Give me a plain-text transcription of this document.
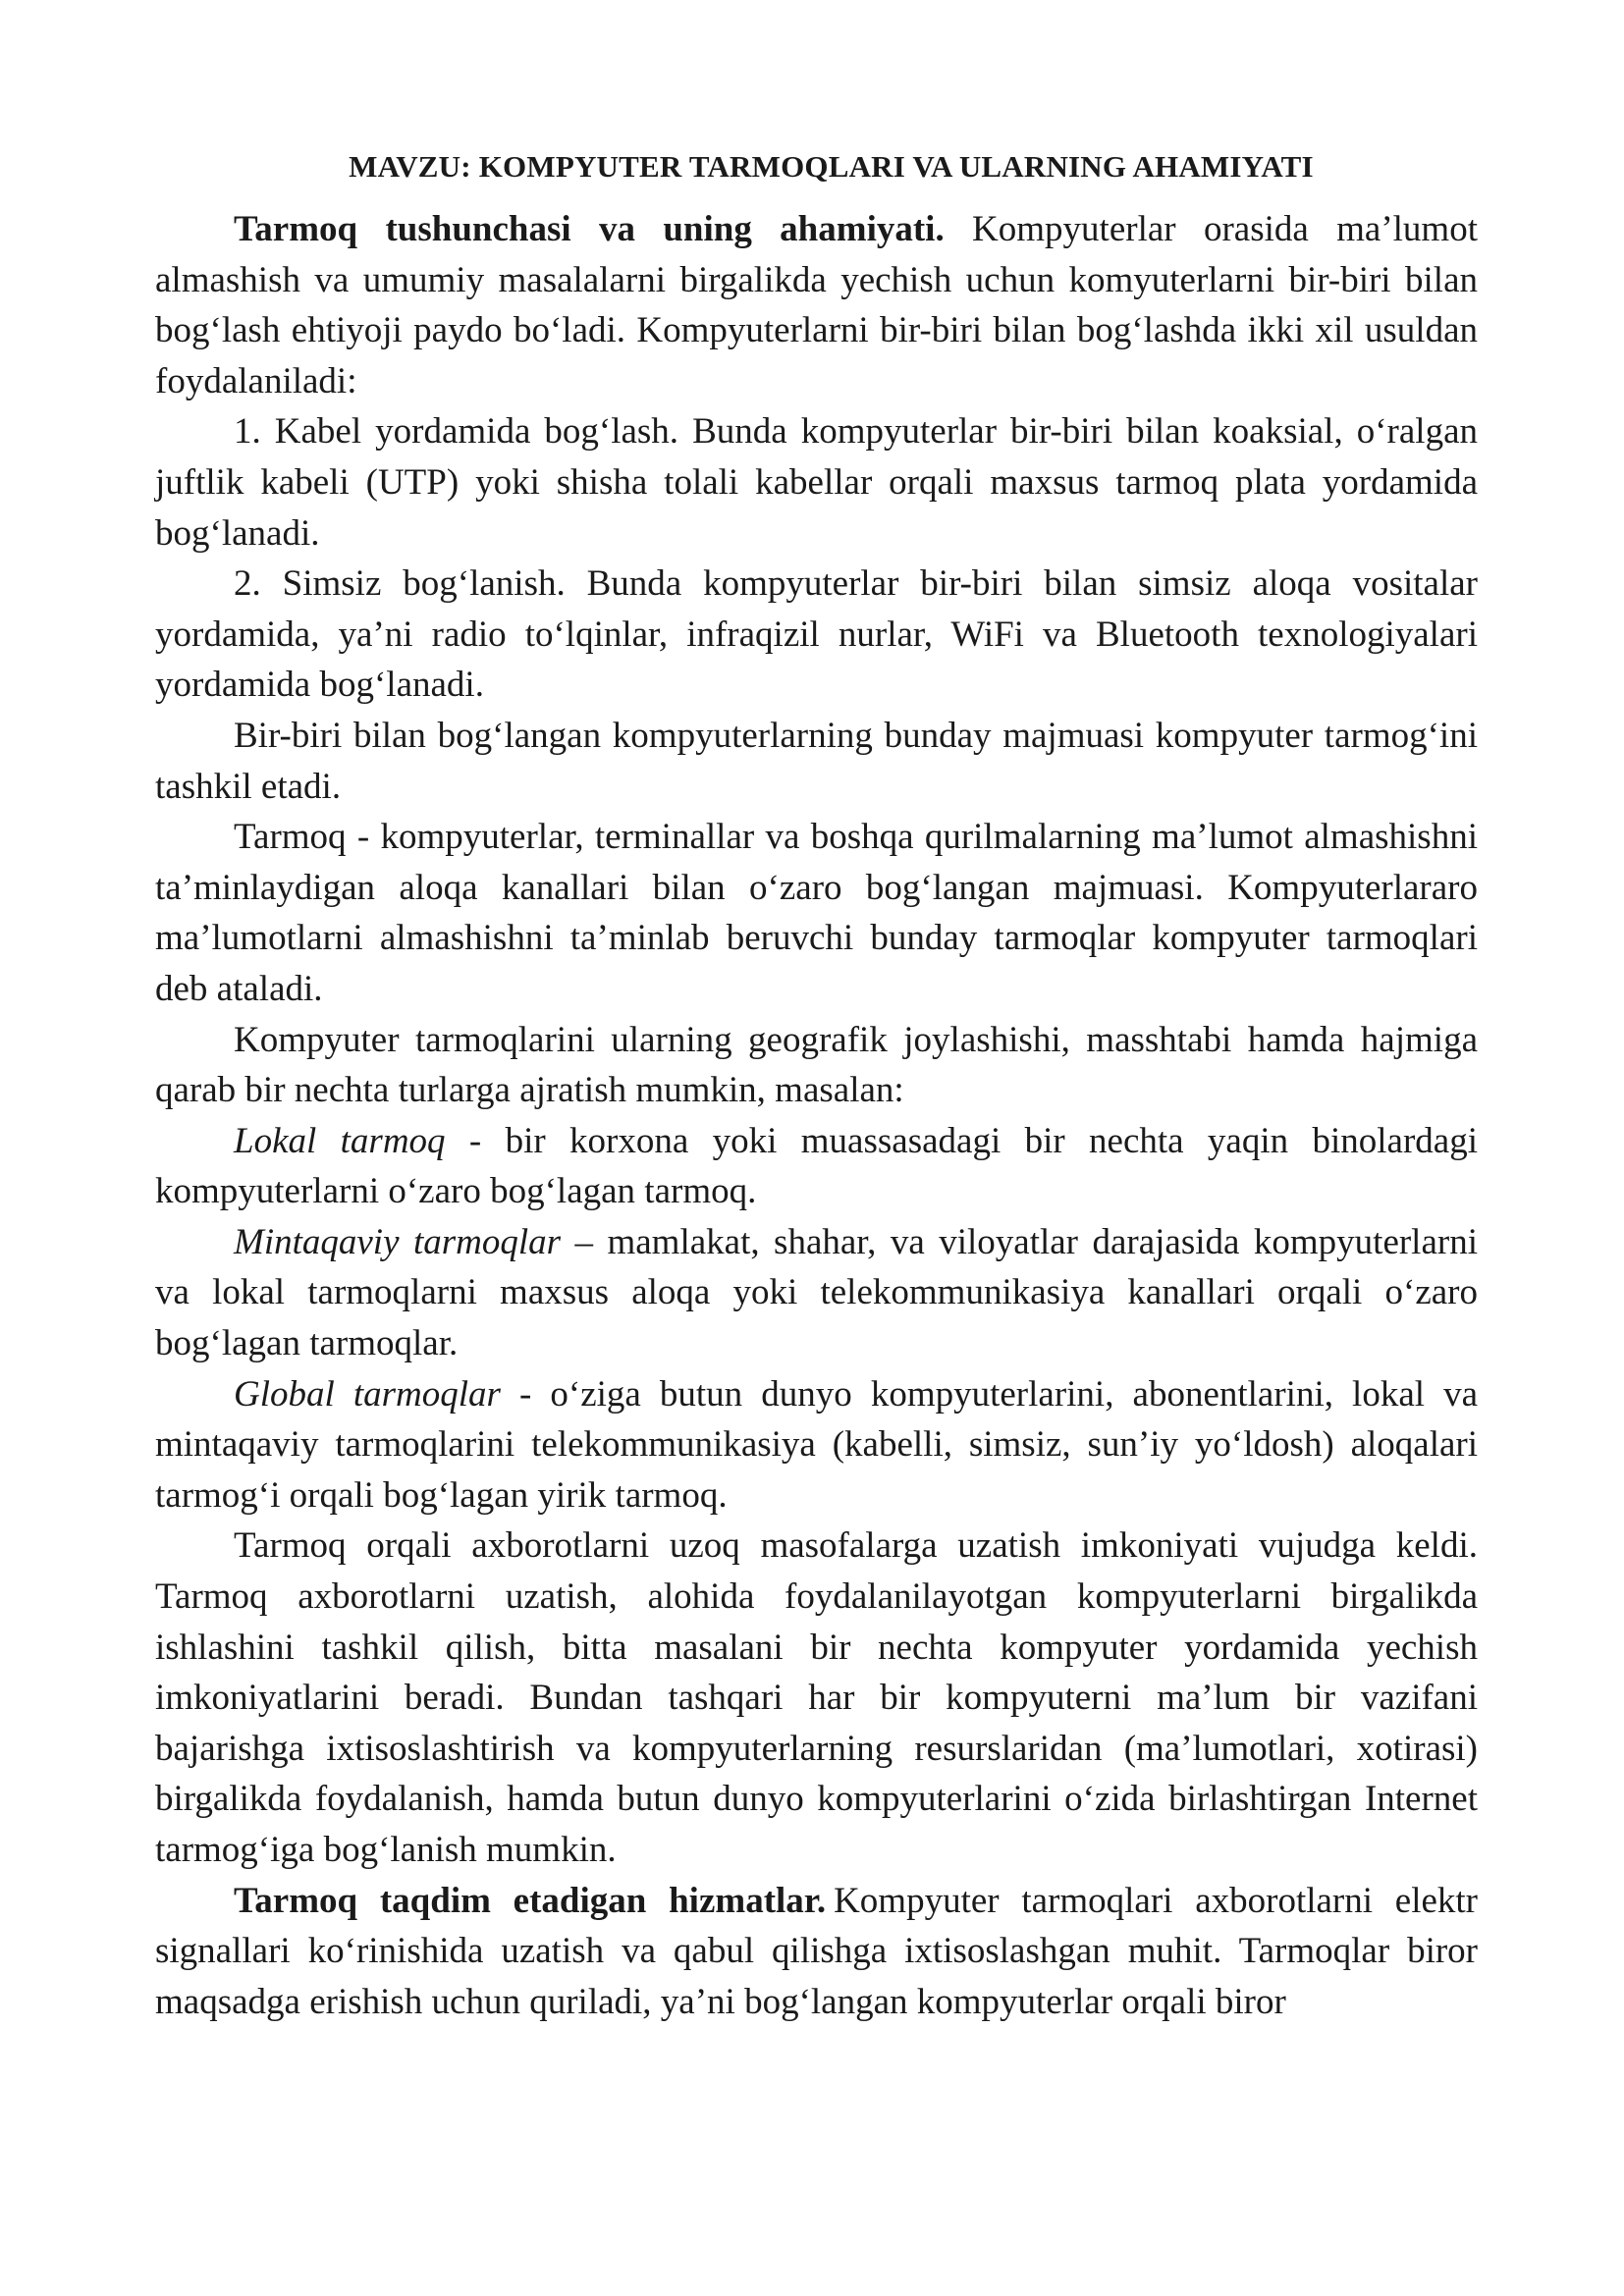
MAVZU: KOMPYUTER TARMOQLARI VA ULARNING AHAMIYATI

Tarmoq tushunchasi va uning ahamiyati. Kompyuterlar orasida ma’lumot almashish va umumiy masalalarni birgalikda yechish uchun komyuterlarni bir-biri bilan bog‘lash ehtiyoji paydo bo‘ladi. Kompyuterlarni bir-biri bilan bog‘lashda ikki xil usuldan foydalaniladi:

1. Kabel yordamida bog‘lash. Bunda kompyuterlar bir-biri bilan koaksial, o‘ralgan juftlik kabeli (UTP) yoki shisha tolali kabellar orqali maxsus tarmoq plata yordamida bog‘lanadi.

2. Simsiz bog‘lanish. Bunda kompyuterlar bir-biri bilan simsiz aloqa vositalar yordamida, ya’ni radio to‘lqinlar, infraqizil nurlar, WiFi va Bluetooth texnologiyalari yordamida bog‘lanadi.

Bir-biri bilan bog‘langan kompyuterlarning bunday majmuasi kompyuter tarmog‘ini tashkil etadi.

Tarmoq - kompyuterlar, terminallar va boshqa qurilmalarning ma’lumot almashishni ta’minlaydigan aloqa kanallari bilan o‘zaro bog‘langan majmuasi. Kompyuterlararo ma’lumotlarni almashishni ta’minlab beruvchi bunday tarmoqlar kompyuter tarmoqlari deb ataladi.

Kompyuter tarmoqlarini ularning geografik joylashishi, masshtabi hamda hajmiga qarab bir nechta turlarga ajratish mumkin, masalan:

Lokal tarmoq - bir korxona yoki muassasadagi bir nechta yaqin binolardagi kompyuterlarni o‘zaro bog‘lagan tarmoq.

Mintaqaviy tarmoqlar – mamlakat, shahar, va viloyatlar darajasida kompyuterlarni va lokal tarmoqlarni maxsus aloqa yoki telekommunikasiya kanallari orqali o‘zaro bog‘lagan tarmoqlar.

Global tarmoqlar - o‘ziga butun dunyo kompyuterlarini, abonentlarini, lokal va mintaqaviy tarmoqlarini telekommunikasiya (kabelli, simsiz, sun’iy yo‘ldosh) aloqalari tarmog‘i orqali bog‘lagan yirik tarmoq.

Tarmoq orqali axborotlarni uzoq masofalarga uzatish imkoniyati vujudga keldi. Tarmoq axborotlarni uzatish, alohida foydalanilayotgan kompyuterlarni birgalikda ishlashini tashkil qilish, bitta masalani bir nechta kompyuter yordamida yechish imkoniyatlarini beradi. Bundan tashqari har bir kompyuterni ma’lum bir vazifani bajarishga ixtisoslashtirish va kompyuterlarning resurslaridan (ma’lumotlari, xotirasi) birgalikda foydalanish, hamda butun dunyo kompyuterlarini o‘zida birlashtirgan Internet tarmog‘iga bog‘lanish mumkin.

Tarmoq taqdim etadigan hizmatlar. Kompyuter tarmoqlari axborotlarni elektr signallari ko‘rinishida uzatish va qabul qilishga ixtisoslashgan muhit. Tarmoqlar biror maqsadga erishish uchun quriladi, ya’ni bog‘langan kompyuterlar orqali biror
